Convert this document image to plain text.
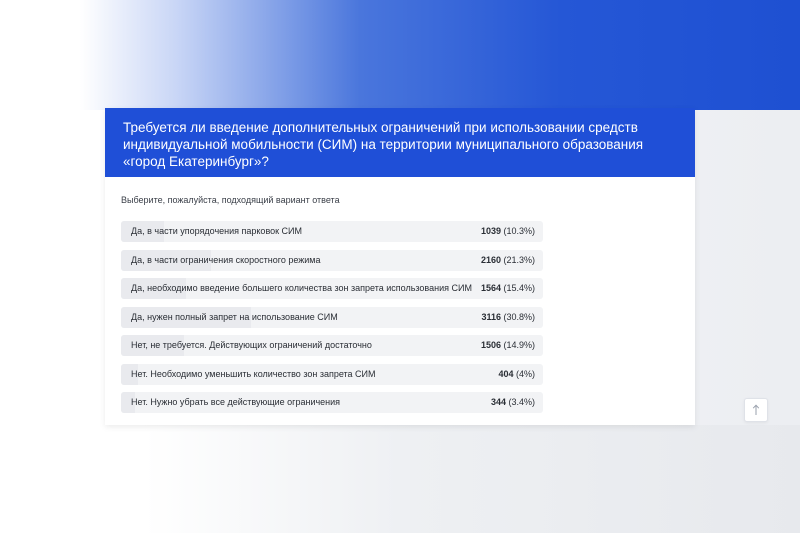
Требуется ли введение дополнительных ограничений при использовании средств индивидуальной мобильности (СИМ) на территории муниципального образования «город Екатеринбург»?
Выберите, пожалуйста, подходящий вариант ответа
Да, в части упорядочения парковок СИМ	1039 (10.3%)
Да, в части ограничения скоростного режима	2160 (21.3%)
Да, необходимо введение большего количества зон запрета использования СИМ 1564 (15.4%)
Да, нужен полный запрет на использование СИМ	3116 (30.8%)
Нет, не требуется. Действующих ограничений достаточно	1506 (14.9%)
Нет. Необходимо уменьшить количество зон запрета СИМ	404 (4%)
Нет. Нужно убрать все действующие ограничения	344 (3.4%)
